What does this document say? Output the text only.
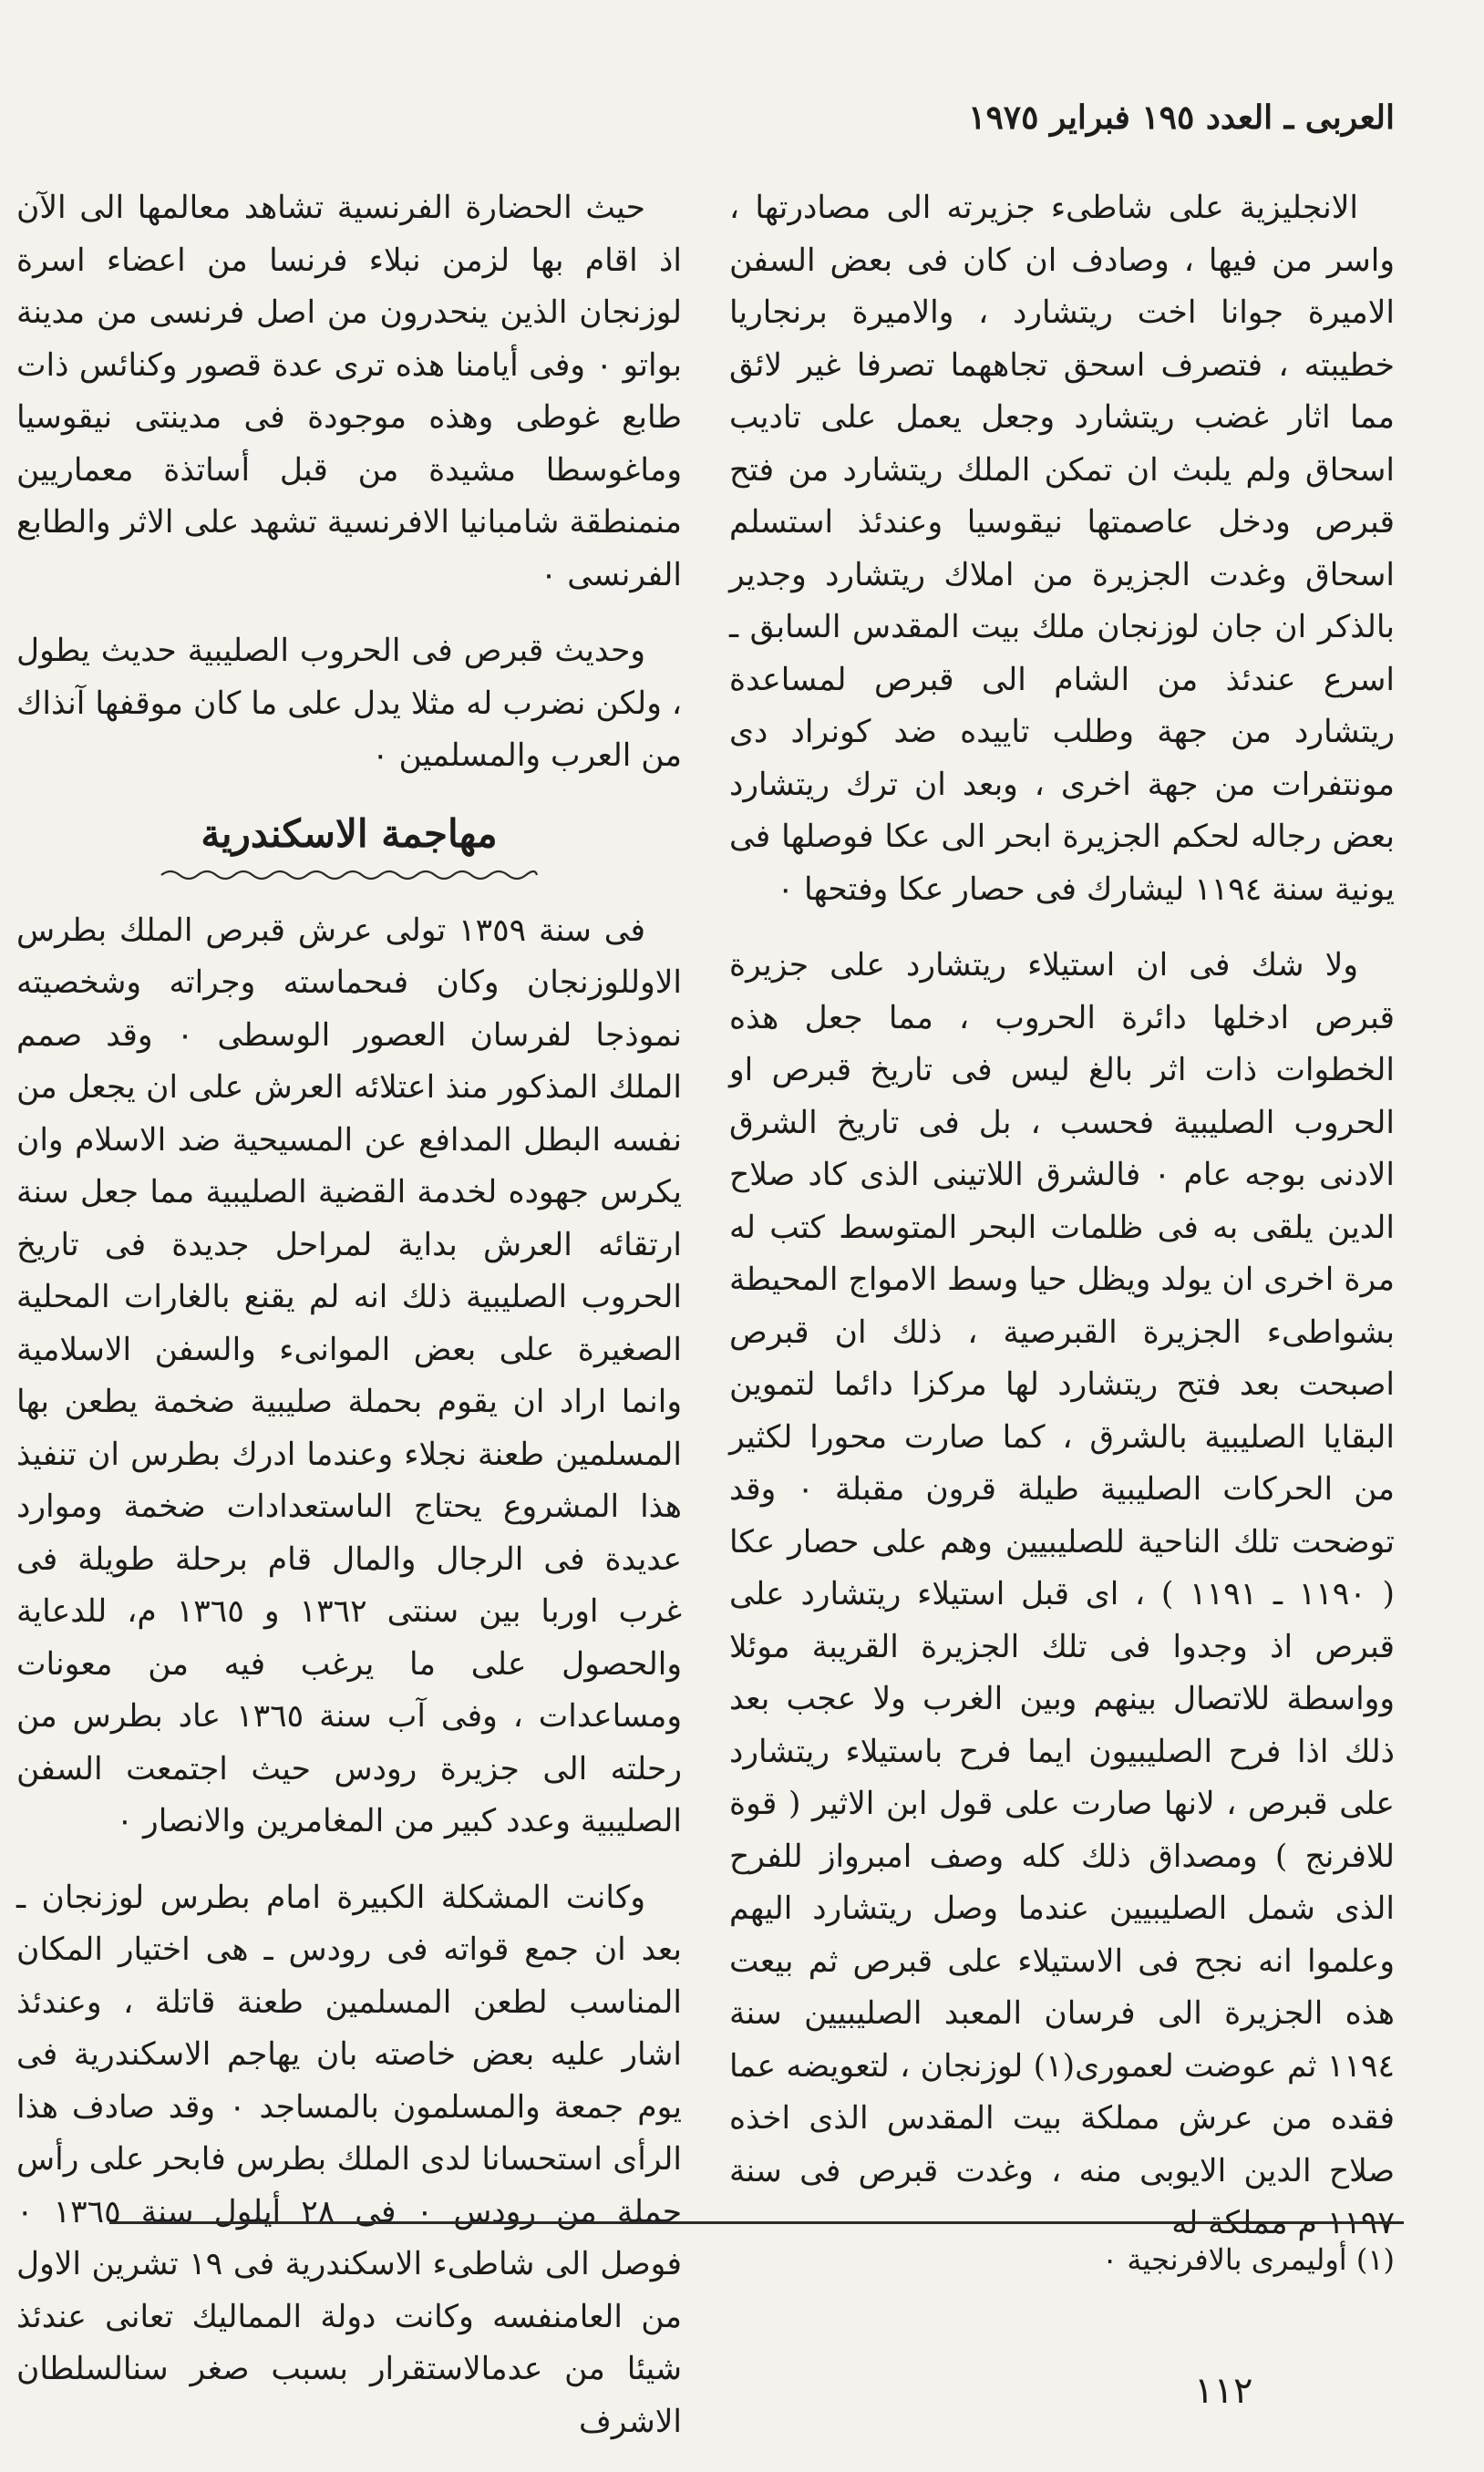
العربى ـ العدد ١٩٥ فبراير ١٩٧٥

الانجليزية على شاطىء جزيرته الى مصادرتها ، واسر من فيها ، وصادف ان كان فى بعض السفن الاميرة جوانا اخت ريتشارد ، والاميرة برنجاريا خطيبته ، فتصرف اسحق تجاههما تصرفا غير لائق مما اثار غضب ريتشارد وجعل يعمل على تاديب اسحاق ولم يلبث ان تمكن الملك ريتشارد من فتح قبرص ودخل عاصمتها نيقوسيا وعندئذ استسلم اسحاق وغدت الجزيرة من املاك ريتشارد وجدير بالذكر ان جان لوزنجان ملك بيت المقدس السابق ـ اسرع عندئذ من الشام الى قبرص لمساعدة ريتشارد من جهة وطلب تاييده ضد كونراد دى مونتفرات من جهة اخرى ، وبعد ان ترك ريتشارد بعض رجاله لحكم الجزيرة ابحر الى عكا فوصلها فى يونية سنة ١١٩٤ ليشارك فى حصار عكا وفتحها ٠

ولا شك فى ان استيلاء ريتشارد على جزيرة قبرص ادخلها دائرة الحروب ، مما جعل هذه الخطوات ذات اثر بالغ ليس فى تاريخ قبرص او الحروب الصليبية فحسب ، بل فى تاريخ الشرق الادنى بوجه عام ٠ فالشرق اللاتينى الذى كاد صلاح الدين يلقى به فى ظلمات البحر المتوسط كتب له مرة اخرى ان يولد ويظل حيا وسط الامواج المحيطة بشواطىء الجزيرة القبرصية ، ذلك ان قبرص اصبحت بعد فتح ريتشارد لها مركزا دائما لتموين البقايا الصليبية بالشرق ، كما صارت محورا لكثير من الحركات الصليبية طيلة قرون مقبلة ٠ وقد توضحت تلك الناحية للصليبيين وهم على حصار عكا ( ١١٩٠ ـ ١١٩١ ) ، اى قبل استيلاء ريتشارد على قبرص اذ وجدوا فى تلك الجزيرة القريبة موئلا وواسطة للاتصال بينهم وبين الغرب ولا عجب بعد ذلك اذا فرح الصليبيون ايما فرح باستيلاء ريتشارد على قبرص ، لانها صارت على قول ابن الاثير ( قوة للافرنج ) ومصداق ذلك كله وصف امبرواز للفرح الذى شمل الصليبيين عندما وصل ريتشارد اليهم وعلموا انه نجح فى الاستيلاء على قبرص ثم بيعت هذه الجزيرة الى فرسان المعبد الصليبيين سنة ١١٩٤ ثم عوضت لعمورى(١) لوزنجان ، لتعويضه عما فقده من عرش مملكة بيت المقدس الذى اخذه صلاح الدين الايوبى منه ، وغدت قبرص فى سنة ١١٩٧ م مملكة له

حيث الحضارة الفرنسية تشاهد معالمها الى الآن اذ اقام بها لزمن نبلاء فرنسا من اعضاء اسرة لوزنجان الذين ينحدرون من اصل فرنسى من مدينة بواتو ٠ وفى أيامنا هذه ترى عدة قصور وكنائس ذات طابع غوطى وهذه موجودة فى مدينتى نيقوسيا وماغوسطا مشيدة من قبل أساتذة معماريين منمنطقة شامبانيا الافرنسية تشهد على الاثر والطابع الفرنسى ٠

وحديث قبرص فى الحروب الصليبية حديث يطول ، ولكن نضرب له مثلا يدل على ما كان موقفها آنذاك من العرب والمسلمين ٠

مهاجمة الاسكندرية

فى سنة ١٣٥٩ تولى عرش قبرص الملك بطرس الاوللوزنجان وكان فىحماسته وجراته وشخصيته نموذجا لفرسان العصور الوسطى ٠ وقد صمم الملك المذكور منذ اعتلائه العرش على ان يجعل من نفسه البطل المدافع عن المسيحية ضد الاسلام وان يكرس جهوده لخدمة القضية الصليبية مما جعل سنة ارتقائه العرش بداية لمراحل جديدة فى تاريخ الحروب الصليبية ذلك انه لم يقنع بالغارات المحلية الصغيرة على بعض الموانىء والسفن الاسلامية وانما اراد ان يقوم بحملة صليبية ضخمة يطعن بها المسلمين طعنة نجلاء وعندما ادرك بطرس ان تنفيذ هذا المشروع يحتاج الىاستعدادات ضخمة وموارد عديدة فى الرجال والمال قام برحلة طويلة فى غرب اوربا بين سنتى ١٣٦٢ و ١٣٦٥ م، للدعاية والحصول على ما يرغب فيه من معونات ومساعدات ، وفى آب سنة ١٣٦٥ عاد بطرس من رحلته الى جزيرة رودس حيث اجتمعت السفن الصليبية وعدد كبير من المغامرين والانصار ٠

وكانت المشكلة الكبيرة امام بطرس لوزنجان ـ بعد ان جمع قواته فى رودس ـ هى اختيار المكان المناسب لطعن المسلمين طعنة قاتلة ، وعندئذ اشار عليه بعض خاصته بان يهاجم الاسكندرية فى يوم جمعة والمسلمون بالمساجد ٠ وقد صادف هذا الرأى استحسانا لدى الملك بطرس فابحر على رأس حملة من رودس ٠ فى ٢٨ أيلول سنة ١٣٦٥ ٠ فوصل الى شاطىء الاسكندرية فى ١٩ تشرين الاول من العامنفسه وكانت دولة المماليك تعانى عندئذ شيئا من عدمالاستقرار بسبب صغر سنالسلطان الاشرف

(١) أوليمرى بالافرنجية ٠
١١٢
